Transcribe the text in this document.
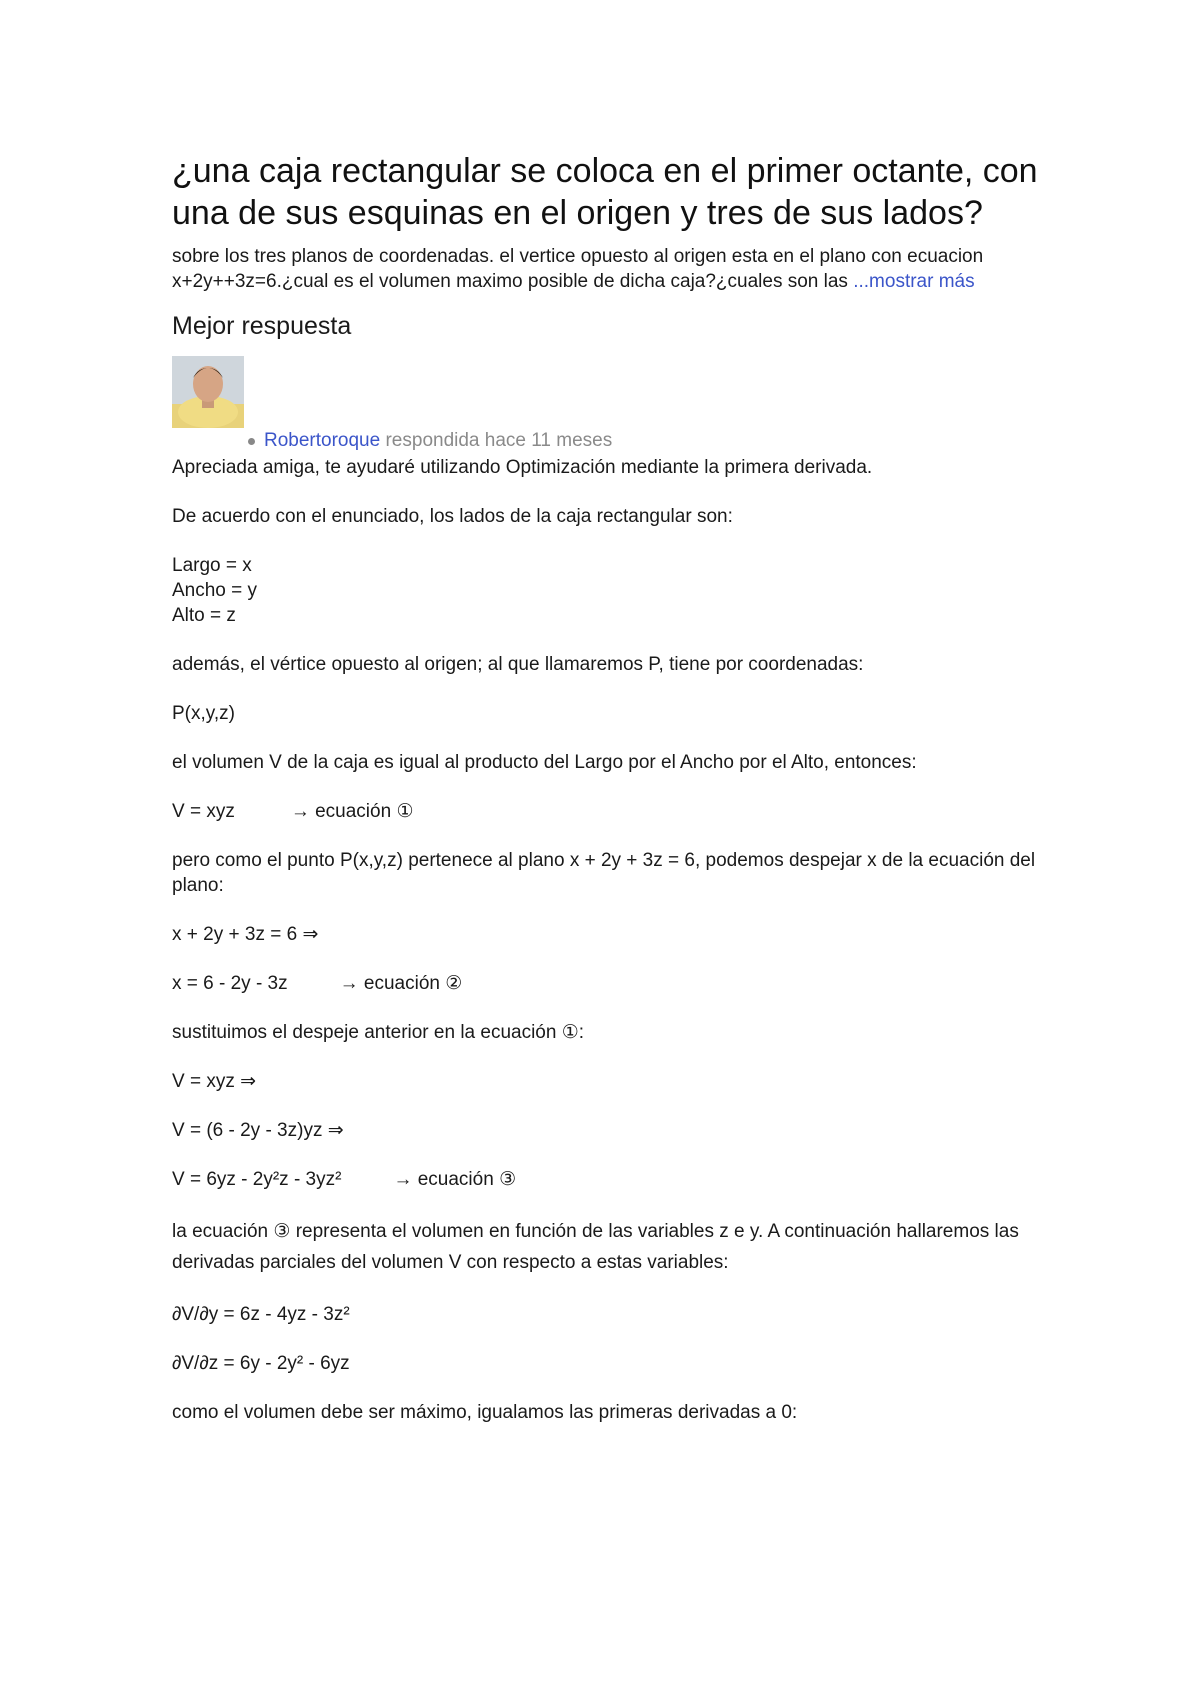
¿una caja rectangular se coloca en el primer octante, con una de sus esquinas en el origen y tres de sus lados?

sobre los tres planos de coordenadas. el vertice opuesto al origen esta en el plano con ecuacion x+2y++3z=6.¿cual es el volumen maximo posible de dicha caja?¿cuales son las ...mostrar más

Mejor respuesta
Robertoroque respondida hace 11 meses

Apreciada amiga, te ayudaré utilizando Optimización mediante la primera derivada.

De acuerdo con el enunciado, los lados de la caja rectangular son:

Largo = x

Ancho = y

Alto = z

además, el vértice opuesto al origen; al que llamaremos P, tiene por coordenadas:

P(x,y,z)

el volumen V de la caja es igual al producto del Largo por el Ancho por el Alto, entonces:

V = xyz	→ ecuación ①

pero como el punto P(x,y,z) pertenece al plano x + 2y + 3z = 6, podemos despejar x de la ecuación del plano:

x + 2y + 3z = 6 ⇒

x = 6 - 2y - 3z	→ ecuación ②

sustituimos el despeje anterior en la ecuación ①:

V = xyz ⇒

V = (6 - 2y - 3z)yz ⇒

V = 6yz - 2y²z - 3yz²	→ ecuación ③

la ecuación ③ representa el volumen en función de las variables z e y. A continuación hallaremos las derivadas parciales del volumen V con respecto a estas variables:

∂V/∂y = 6z - 4yz - 3z²

∂V/∂z = 6y - 2y² - 6yz

como el volumen debe ser máximo, igualamos las primeras derivadas a 0:
